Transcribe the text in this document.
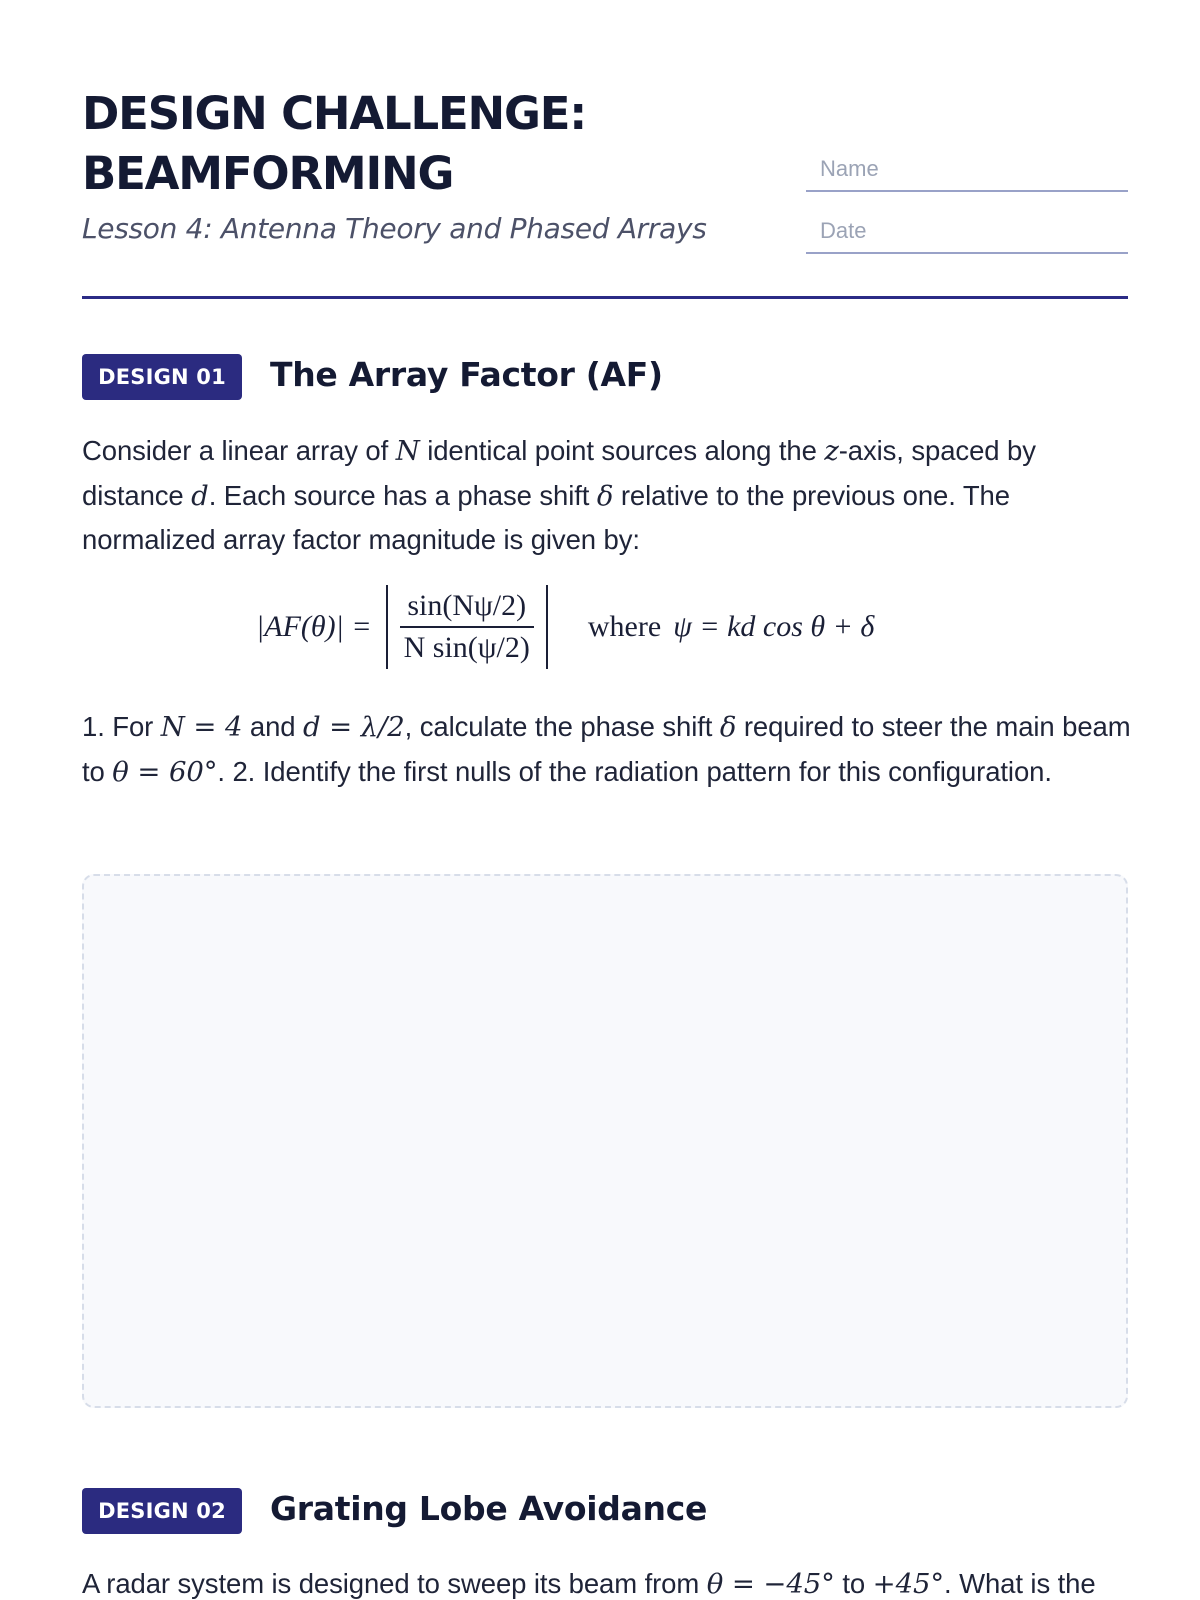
DESIGN CHALLENGE:
BEAMFORMING
Lesson 4: Antenna Theory and Phased Arrays
Name
Date
DESIGN 01	The Array Factor (AF)
Consider a linear array of N identical point sources along the z-axis, spaced by distance d. Each source has a phase shift δ relative to the previous one. The normalized array factor magnitude is given by:
$|AF(\theta)| = \frac{\sin(N\psi/2)}{\text{N sin(ψ/2)}}$ where ψ = kd cos θ + δ
1. For N = 4 and d = λ/2, calculate the phase shift δ required to steer the main beam to θ = 60°. 2. Identify the first nulls of the radiation pattern for this configuration.
DESIGN 02	Grating Lobe Avoidance
A radar system is designed to sweep its beam from θ = −45° to +45°. What is the
